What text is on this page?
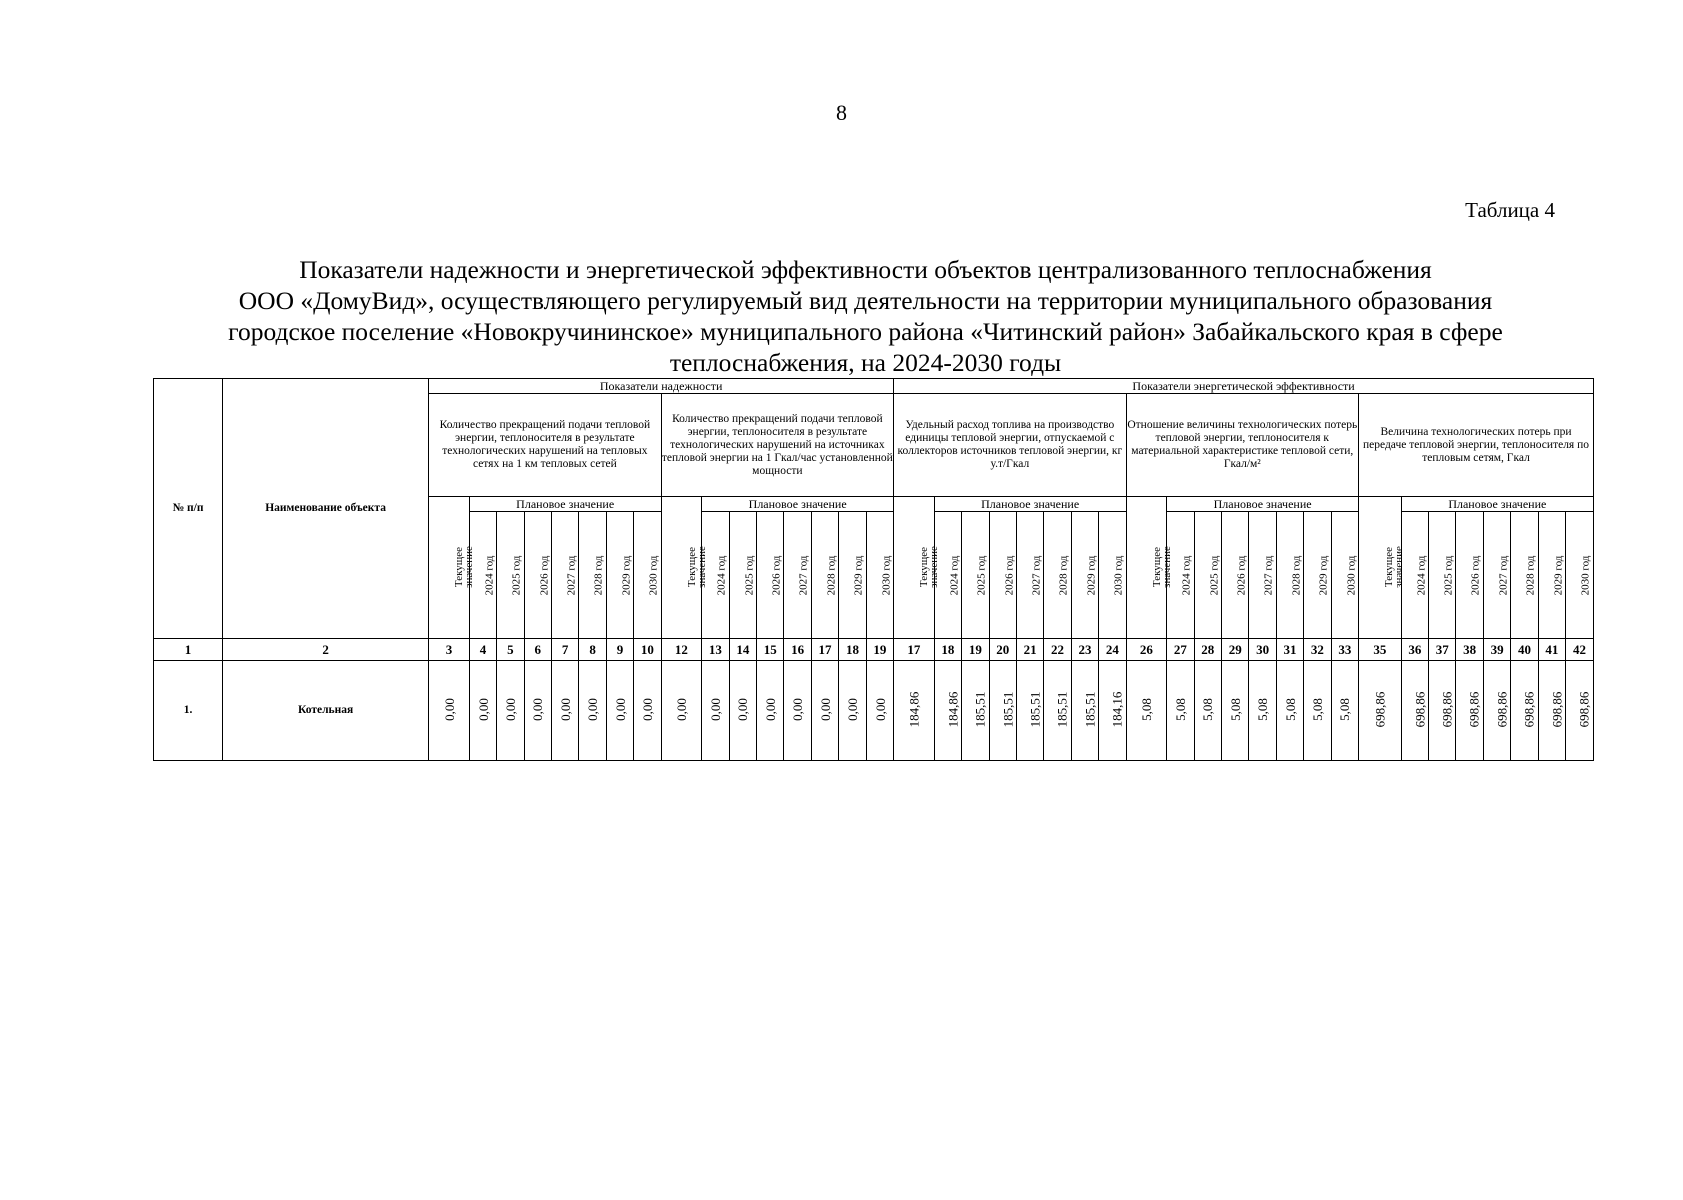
8
Таблица 4
Показатели надежности и энергетической эффективности объектов централизованного теплоснабжения
ООО «ДомуВид», осуществляющего регулируемый вид деятельности на территории муниципального образования
городское поселение «Новокручининское» муниципального района «Читинский район» Забайкальского края в сфере
теплоснабжения, на 2024-2030 годы
№ п/п	Наименование объекта	Показатели надежности																Показатели энергетической эффективности																							
		Количество прекращений подачи тепловой энергии, теплоносителя в результате технологических нарушений на тепловых сетях на 1 км тепловых сетей								Количество прекращений подачи тепловой энергии, теплоносителя в результате технологических нарушений на источниках тепловой энергии на 1 Гкал/час установленной мощности								Удельный расход топлива на производство единицы тепловой энергии, отпускаемой с коллекторов источников тепловой энергии, кг у.т/Гкал								Отношение величины технологических потерь тепловой энергии, теплоносителя к материальной характеристике тепловой сети, Гкал/м²								Величина технологических потерь при передаче тепловой энергии, теплоносителя по тепловым сетям, Гкал							
		Текущее значение	Плановое значение							Текущее значение	Плановое значение							Текущее значение	Плановое значение							Текущее значение	Плановое значение							Текущее значение	Плановое значение						
			2024 год	2025 год	2026 год	2027 год	2028 год	2029 год	2030 год		2024 год	2025 год	2026 год	2027 год	2028 год	2029 год	2030 год		2024 год	2025 год	2026 год	2027 год	2028 год	2029 год	2030 год		2024 год	2025 год	2026 год	2027 год	2028 год	2029 год	2030 год		2024 год	2025 год	2026 год	2027 год	2028 год	2029 год	2030 год
1	2	3	4	5	6	7	8	9	10	12	13	14	15	16	17	18	19	17	18	19	20	21	22	23	24	26	27	28	29	30	31	32	33	35	36	37	38	39	40	41	42
1.	Котельная	0,00	0,00	0,00	0,00	0,00	0,00	0,00	0,00	0,00	0,00	0,00	0,00	0,00	0,00	0,00	0,00	184,86	184,86	185,51	185,51	185,51	185,51	185,51	184,16	5,08	5,08	5,08	5,08	5,08	5,08	5,08	5,08	698,86	698,86	698,86	698,86	698,86	698,86	698,86	698,86
